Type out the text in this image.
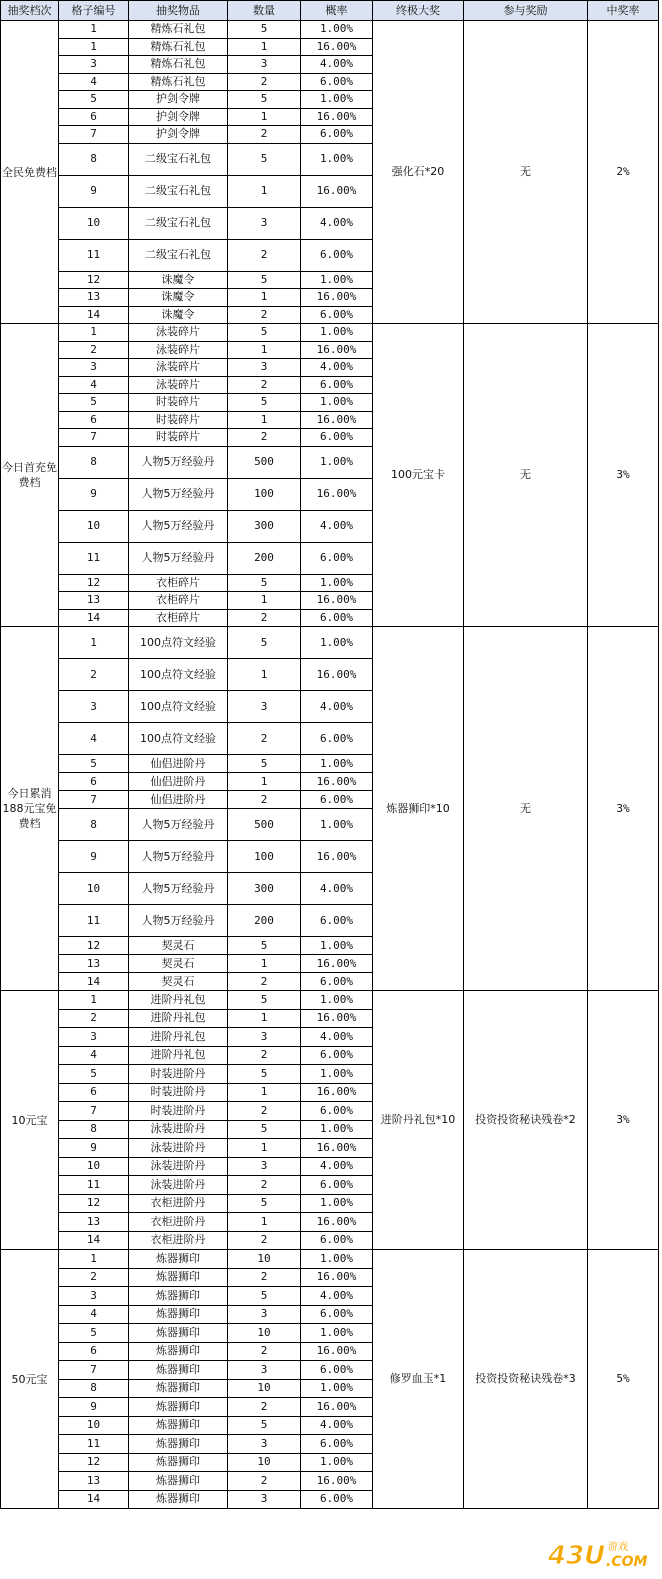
抽奖档次	格子编号	抽奖物品	数量	概率	终极大奖	参与奖励	中奖率
全民免费档	1	精炼石礼包	5	1.00%	强化石*20	无	2%
	1	精炼石礼包	1	16.00%			
	3	精炼石礼包	3	4.00%			
	4	精炼石礼包	2	6.00%			
	5	护剑令牌	5	1.00%			
	6	护剑令牌	1	16.00%			
	7	护剑令牌	2	6.00%			
	8	二级宝石礼包	5	1.00%			
	9	二级宝石礼包	1	16.00%			
	10	二级宝石礼包	3	4.00%			
	11	二级宝石礼包	2	6.00%			
	12	诛魔令	5	1.00%			
	13	诛魔令	1	16.00%			
	14	诛魔令	2	6.00%			
今日首充免费档	1	泳装碎片	5	1.00%	100元宝卡	无	3%
	2	泳装碎片	1	16.00%			
	3	泳装碎片	3	4.00%			
	4	泳装碎片	2	6.00%			
	5	时装碎片	5	1.00%			
	6	时装碎片	1	16.00%			
	7	时装碎片	2	6.00%			
	8	人物5万经验丹	500	1.00%			
	9	人物5万经验丹	100	16.00%			
	10	人物5万经验丹	300	4.00%			
	11	人物5万经验丹	200	6.00%			
	12	衣柜碎片	5	1.00%			
	13	衣柜碎片	1	16.00%			
	14	衣柜碎片	2	6.00%			
今日累消188元宝免费档	1	100点符文经验	5	1.00%	炼器狮印*10	无	3%
	2	100点符文经验	1	16.00%			
	3	100点符文经验	3	4.00%			
	4	100点符文经验	2	6.00%			
	5	仙侣进阶丹	5	1.00%			
	6	仙侣进阶丹	1	16.00%			
	7	仙侣进阶丹	2	6.00%			
	8	人物5万经验丹	500	1.00%			
	9	人物5万经验丹	100	16.00%			
	10	人物5万经验丹	300	4.00%			
	11	人物5万经验丹	200	6.00%			
	12	契灵石	5	1.00%			
	13	契灵石	1	16.00%			
	14	契灵石	2	6.00%			
10元宝	1	进阶丹礼包	5	1.00%	进阶丹礼包*10	投资投资秘诀残卷*2	3%
	2	进阶丹礼包	1	16.00%			
	3	进阶丹礼包	3	4.00%			
	4	进阶丹礼包	2	6.00%			
	5	时装进阶丹	5	1.00%			
	6	时装进阶丹	1	16.00%			
	7	时装进阶丹	2	6.00%			
	8	泳装进阶丹	5	1.00%			
	9	泳装进阶丹	1	16.00%			
	10	泳装进阶丹	3	4.00%			
	11	泳装进阶丹	2	6.00%			
	12	衣柜进阶丹	5	1.00%			
	13	衣柜进阶丹	1	16.00%			
	14	衣柜进阶丹	2	6.00%			
50元宝	1	炼器狮印	10	1.00%	修罗血玉*1	投资投资秘诀残卷*3	5%
	2	炼器狮印	2	16.00%			
	3	炼器狮印	5	4.00%			
	4	炼器狮印	3	6.00%			
	5	炼器狮印	10	1.00%			
	6	炼器狮印	2	16.00%			
	7	炼器狮印	3	6.00%			
	8	炼器狮印	10	1.00%			
	9	炼器狮印	2	16.00%			
	10	炼器狮印	5	4.00%			
	11	炼器狮印	3	6.00%			
	12	炼器狮印	10	1.00%			
	13	炼器狮印	2	16.00%			
	14	炼器狮印	3	6.00%			
43U 游戏
.COM
